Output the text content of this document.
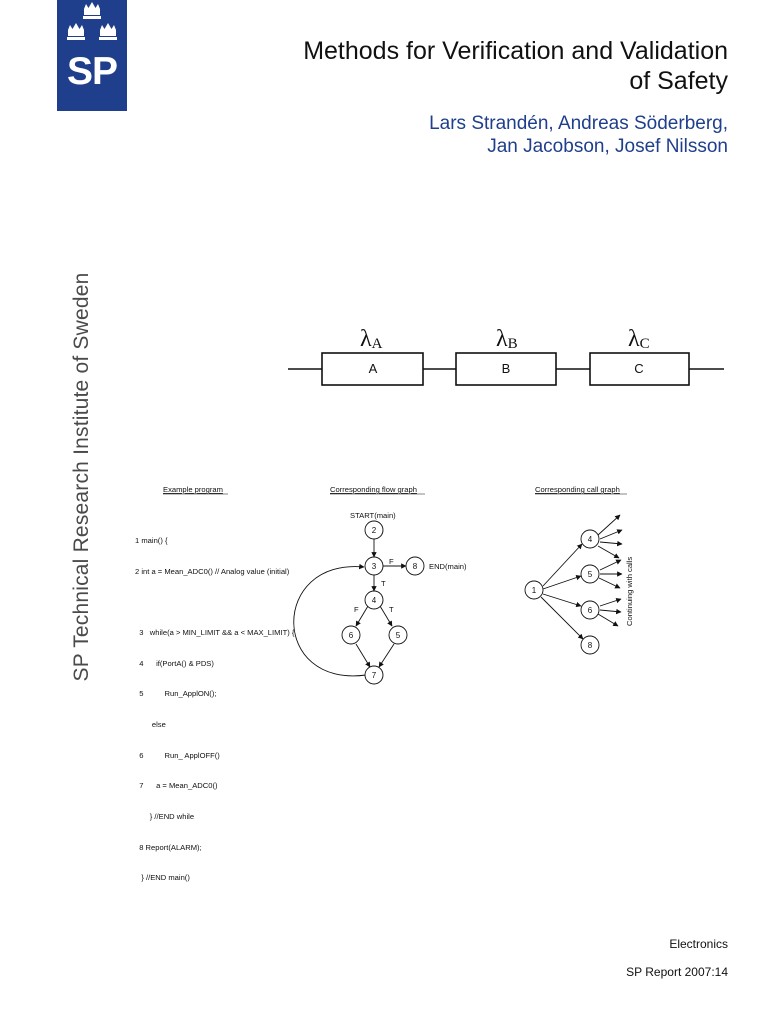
SP	Methods for Verification and Validation
of Safety
Lars Strandén, Andreas Söderberg,
Jan Jacobson, Josef Nilsson
SP Technical Research Institute of Sweden	A	B	C
λA	λB	λC
Example program	Corresponding flow graph	Corresponding call graph
2
3	8
4
6	5
7
START(main)
END(main)
F
T
F	T
1
4
5
6
8
Continuing with calls

1 main() {

2 int a = Mean_ADC0() // Analog value (initial)

3   while(a > MIN_LIMIT && a < MAX_LIMIT) {

4      if(PortA() & PDS)

5          Run_ApplON();

else

6          Run_ ApplOFF()

7      a = Mean_ADC0()

} //END while

8 Report(ALARM);

} //END main()

Electronics
SP Report 2007:14
